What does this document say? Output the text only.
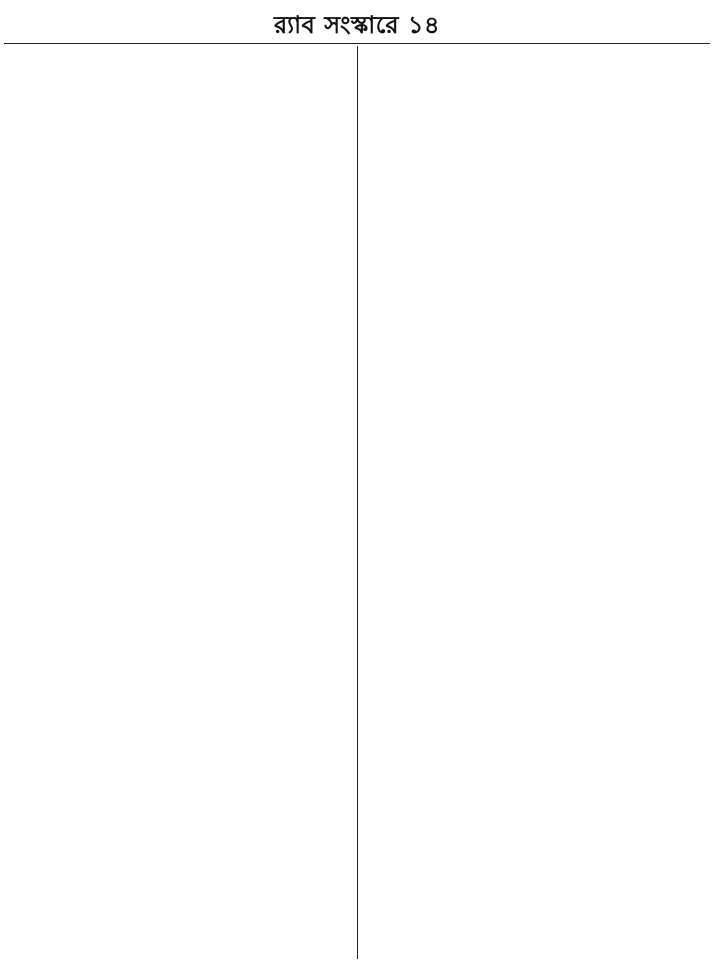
র‍্যাব সংস্কারে ১৪
